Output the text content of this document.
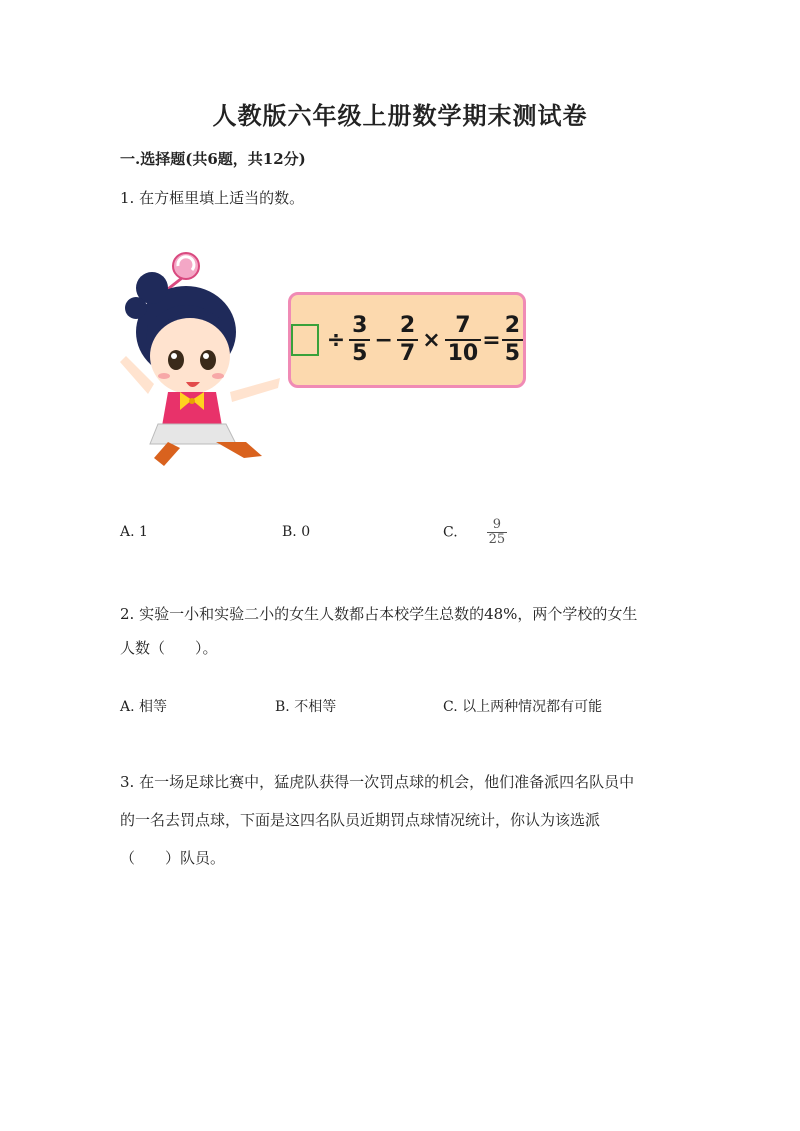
人教版六年级上册数学期末测试卷
一.选择题(共6题，共12分)
1. 在方框里填上适当的数。
÷ $\frac{3}{5} - \frac{2}{7} \times \frac{7}{10} = \frac{2}{5}$
A. 1	B. 0	C. $\frac{9}{25}$
2. 实验一小和实验二小的女生人数都占本校学生总数的48%，两个学校的女生
人数（　　）。
A. 相等	B. 不相等	C. 以上两种情况都有可能
3. 在一场足球比赛中，猛虎队获得一次罚点球的机会，他们准备派四名队员中
的一名去罚点球，下面是这四名队员近期罚点球情况统计，你认为该选派
（　　）队员。
